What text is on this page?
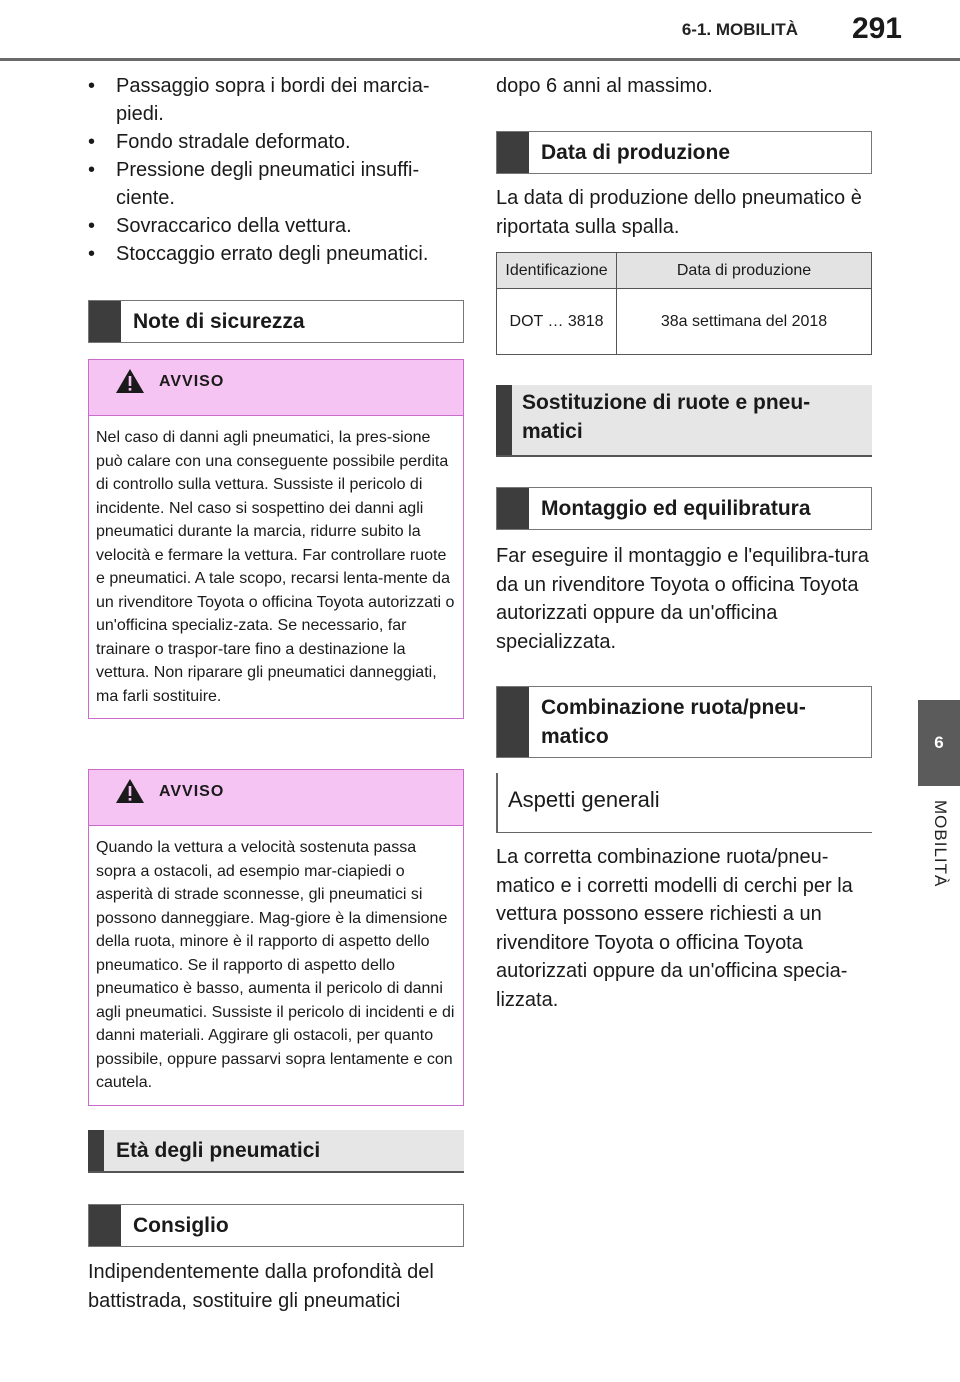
6-1. MOBILITÀ 291
6
MOBILITÀ
• Passaggio sopra i bordi dei marcia-piedi.
• Fondo stradale deformato.
• Pressione degli pneumatici insuffi-ciente.
• Sovraccarico della vettura.
• Stoccaggio errato degli pneumatici.
Note di sicurezza
AVVISO
Nel caso di danni agli pneumatici, la pres-sione può calare con una conseguente possibile perdita di controllo sulla vettura. Sussiste il pericolo di incidente. Nel caso si sospettino dei danni agli pneumatici durante la marcia, ridurre subito la velocità e fermare la vettura. Far controllare ruote e pneumatici. A tale scopo, recarsi lenta-mente da un rivenditore Toyota o officina Toyota autorizzati o un'officina specializ-zata. Se necessario, far trainare o traspor-tare fino a destinazione la vettura. Non riparare gli pneumatici danneggiati, ma farli sostituire.
AVVISO
Quando la vettura a velocità sostenuta passa sopra a ostacoli, ad esempio mar-ciapiedi o asperità di strade sconnesse, gli pneumatici si possono danneggiare. Mag-giore è la dimensione della ruota, minore è il rapporto di aspetto dello pneumatico. Se il rapporto di aspetto dello pneumatico è basso, aumenta il pericolo di danni agli pneumatici. Sussiste il pericolo di incidenti e di danni materiali. Aggirare gli ostacoli, per quanto possibile, oppure passarvi sopra lentamente e con cautela.
Età degli pneumatici
Consiglio
Indipendentemente dalla profondità del battistrada, sostituire gli pneumatici
dopo 6 anni al massimo.
Data di produzione
La data di produzione dello pneumatico è riportata sulla spalla.
Identificazione	Data di produzione
DOT … 3818	38a settimana del 2018
Sostituzione di ruote e pneu-matici
Montaggio ed equilibratura
Far eseguire il montaggio e l'equilibra-tura da un rivenditore Toyota o officina Toyota autorizzati oppure da un'officina specializzata.
Combinazione ruota/pneu-matico
Aspetti generali
La corretta combinazione ruota/pneu-matico e i corretti modelli di cerchi per la vettura possono essere richiesti a un rivenditore Toyota o officina Toyota autorizzati oppure da un'officina specia-lizzata.
